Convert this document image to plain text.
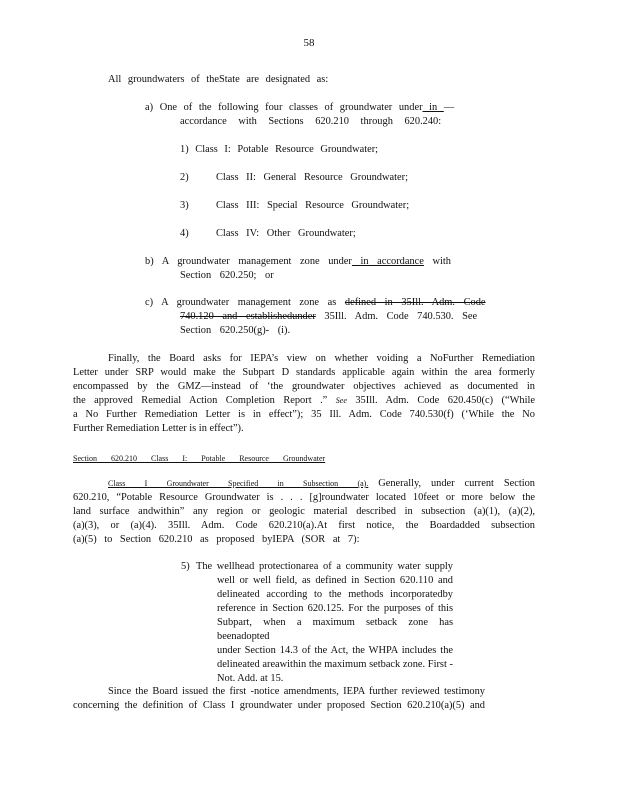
58
All groundwaters of theState are designated as:
a) One of the following four classes of groundwater under in —
accordance with Sections 620.210 through 620.240:
1) Class I: Potable Resource Groundwater;
2)	Class II: General Resource Groundwater;
3)	Class III: Special Resource Groundwater;
4)	Class IV: Other Groundwater;
b) A groundwater management zone under in accordance with
Section 620.250; or
c) A groundwater management zone as defined in 35Ill. Adm. Code
740.120 and establishedunder 35Ill. Adm. Code 740.530. See
Section 620.250(g)- (i).
Finally, the Board asks for IEPA’s view on whether voiding a NoFurther Remediation
Letter under SRP would make the Subpart D standards applicable again within the area formerly
encompassed by the GMZ—instead of ‘the groundwater objectives achieved as documented in
the approved Remedial Action Completion Report .” See 35Ill. Adm. Code 620.450(c) (“While
a No Further Remediation Letter is in effect”); 35 Ill. Adm. Code 740.530(f) (‘While the No
Further Remediation Letter is in effect”).
Section 620.210 Class I: Potable Resource Groundwater
Class I Groundwater Specified in Subsection (a). Generally, under current Section
620.210, “Potable Resource Groundwater is . . . [g]roundwater located 10feet or more below the
land surface andwithin” any region or geologic material described in subsection (a)(1), (a)(2),
(a)(3), or (a)(4). 35Ill. Adm. Code 620.210(a).At first notice, the Boardadded subsection
(a)(5) to Section 620.210 as proposed byIEPA (SOR at 7):
5) The wellhead protectionarea of a community water supply
well or well field, as defined in Section 620.110 and
delineated according to the methods incorporatedby
reference in Section 620.125. For the purposes of this
Subpart, when a maximum setback zone has beenadopted
under Section 14.3 of the Act, the WHPA includes the
delineated areawithin the maximum setback zone. First -
Not. Add. at 15.
Since the Board issued the first -notice amendments, IEPA further reviewed testimony
concerning the definition of Class I groundwater under proposed Section 620.210(a)(5) and
